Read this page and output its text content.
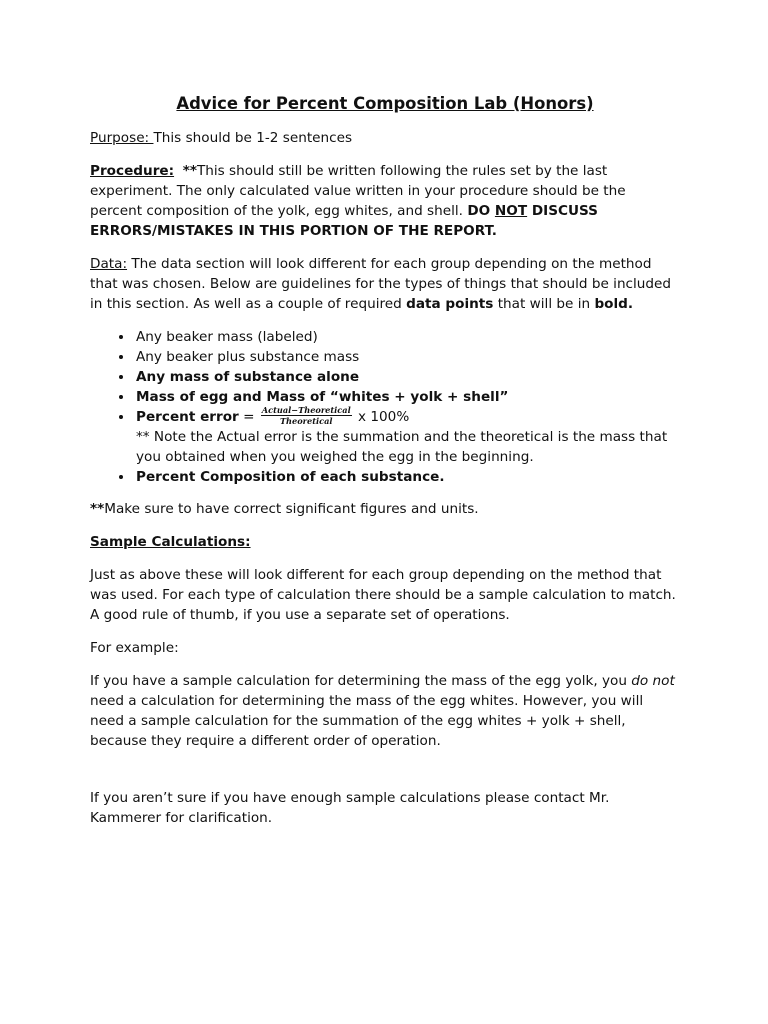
Advice for Percent Composition Lab (Honors)

Purpose: This should be 1-2 sentences

Procedure: **This should still be written following the rules set by the last experiment. The only calculated value written in your procedure should be the percent composition of the yolk, egg whites, and shell. DO NOT DISCUSS ERRORS/MISTAKES IN THIS PORTION OF THE REPORT.

Data: The data section will look different for each group depending on the method that was chosen. Below are guidelines for the types of things that should be included in this section. As well as a couple of required data points that will be in bold.

• Any beaker mass (labeled)
• Any beaker plus substance mass
• Any mass of substance alone
• Mass of egg and Mass of “whites + yolk + shell”
• Percent error = $\frac{\text{Actual−Theoretical}}{\text{Theoretical}}$ x 100%
** Note the Actual error is the summation and the theoretical is the mass that you obtained when you weighed the egg in the beginning.
• Percent Composition of each substance.

**Make sure to have correct significant figures and units.

Sample Calculations:

Just as above these will look different for each group depending on the method that was used. For each type of calculation there should be a sample calculation to match. A good rule of thumb, if you use a separate set of operations.

For example:

If you have a sample calculation for determining the mass of the egg yolk, you do not need a calculation for determining the mass of the egg whites. However, you will need a sample calculation for the summation of the egg whites + yolk + shell, because they require a different order of operation.

If you aren’t sure if you have enough sample calculations please contact Mr. Kammerer for clarification.
